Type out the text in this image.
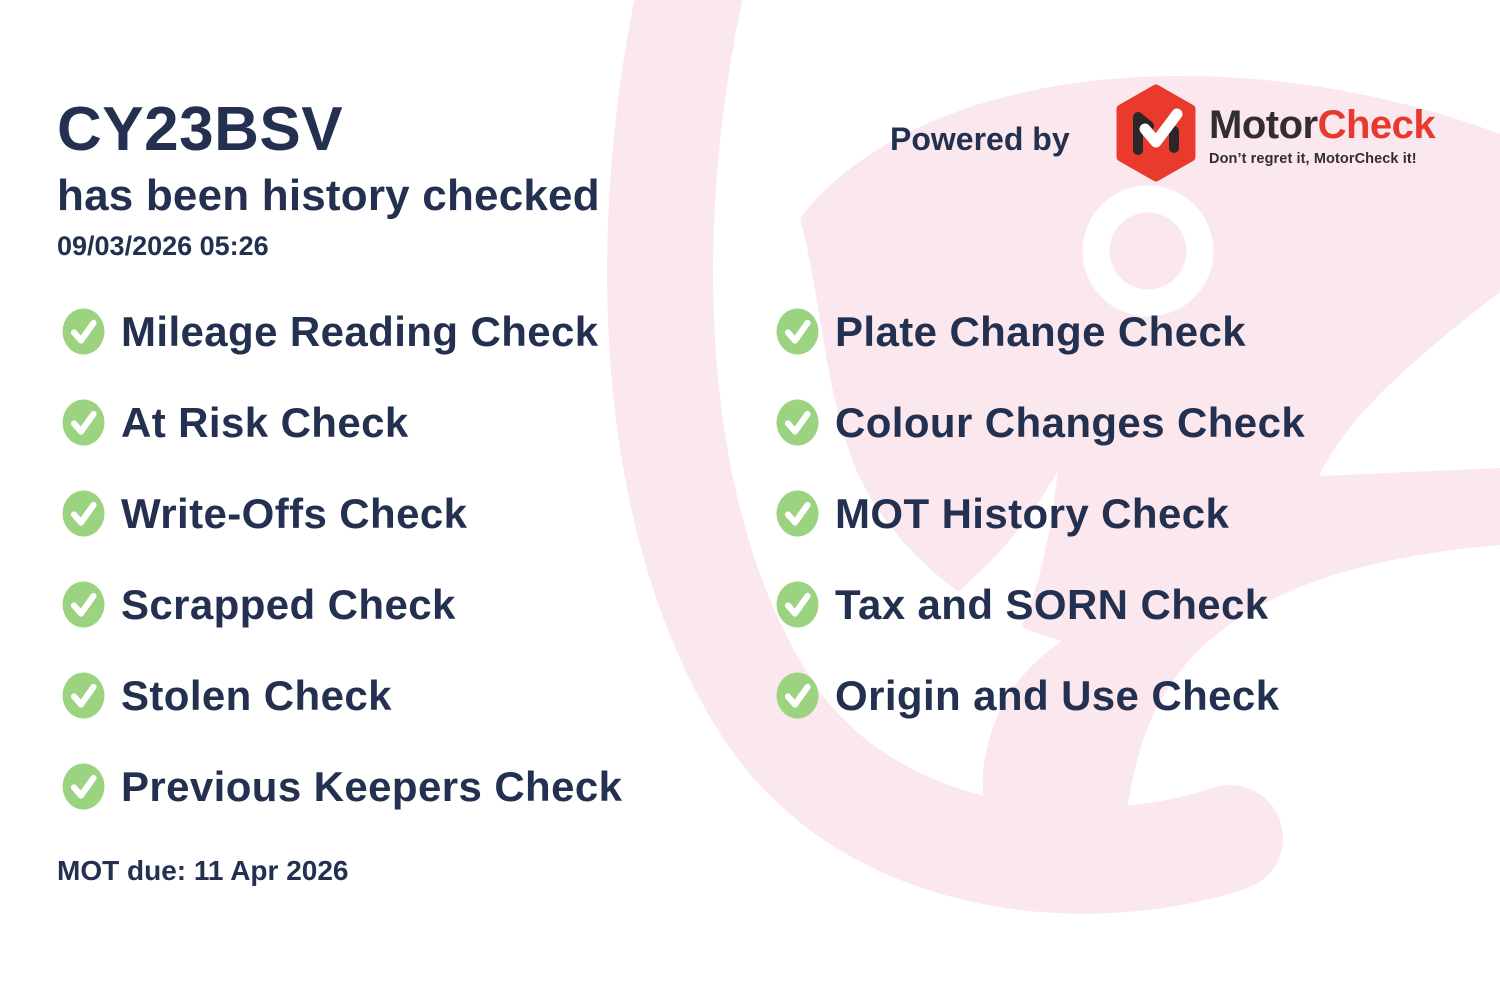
CY23BSV
has been history checked
09/03/2026 05:26
Powered by	MotorCheck
Don’t regret it, MotorCheck it!
Mileage Reading Check
At Risk Check
Write-Offs Check
Scrapped Check
Stolen Check
Previous Keepers Check
Plate Change Check
Colour Changes Check
MOT History Check
Tax and SORN Check
Origin and Use Check
MOT due: 11 Apr 2026
